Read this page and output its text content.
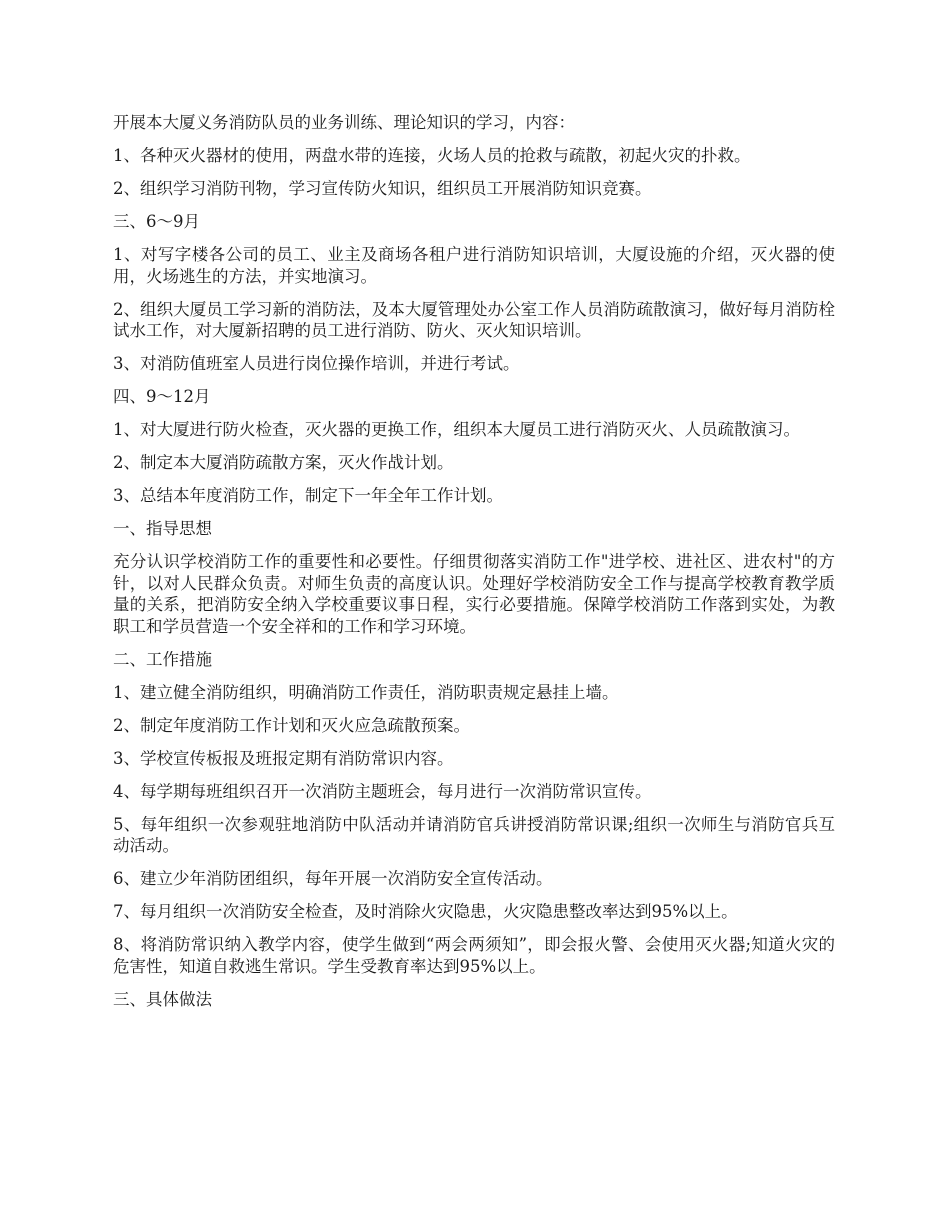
开展本大厦义务消防队员的业务训练、理论知识的学习，内容：

1、各种灭火器材的使用，两盘水带的连接，火场人员的抢救与疏散，初起火灾的扑救。

2、组织学习消防刊物，学习宣传防火知识，组织员工开展消防知识竞赛。

三、6～9月

1、对写字楼各公司的员工、业主及商场各租户进行消防知识培训，大厦设施的介绍，灭火器的使用，火场逃生的方法，并实地演习。

2、组织大厦员工学习新的消防法，及本大厦管理处办公室工作人员消防疏散演习，做好每月消防栓试水工作，对大厦新招聘的员工进行消防、防火、灭火知识培训。

3、对消防值班室人员进行岗位操作培训，并进行考试。

四、9～12月

1、对大厦进行防火检查，灭火器的更换工作，组织本大厦员工进行消防灭火、人员疏散演习。

2、制定本大厦消防疏散方案，灭火作战计划。

3、总结本年度消防工作，制定下一年全年工作计划。

一、指导思想

充分认识学校消防工作的重要性和必要性。仔细贯彻落实消防工作"进学校、进社区、进农村"的方针，以对人民群众负责。对师生负责的高度认识。处理好学校消防安全工作与提高学校教育教学质量的关系，把消防安全纳入学校重要议事日程，实行必要措施。保障学校消防工作落到实处，为教职工和学员营造一个安全祥和的工作和学习环境。

二、工作措施

1、建立健全消防组织，明确消防工作责任，消防职责规定悬挂上墙。

2、制定年度消防工作计划和灭火应急疏散预案。

3、学校宣传板报及班报定期有消防常识内容。

4、每学期每班组织召开一次消防主题班会，每月进行一次消防常识宣传。

5、每年组织一次参观驻地消防中队活动并请消防官兵讲授消防常识课;组织一次师生与消防官兵互动活动。

6、建立少年消防团组织，每年开展一次消防安全宣传活动。

7、每月组织一次消防安全检查，及时消除火灾隐患，火灾隐患整改率达到95%以上。

8、将消防常识纳入教学内容，使学生做到“两会两须知”，即会报火警、会使用灭火器;知道火灾的危害性，知道自救逃生常识。学生受教育率达到95%以上。

三、具体做法
